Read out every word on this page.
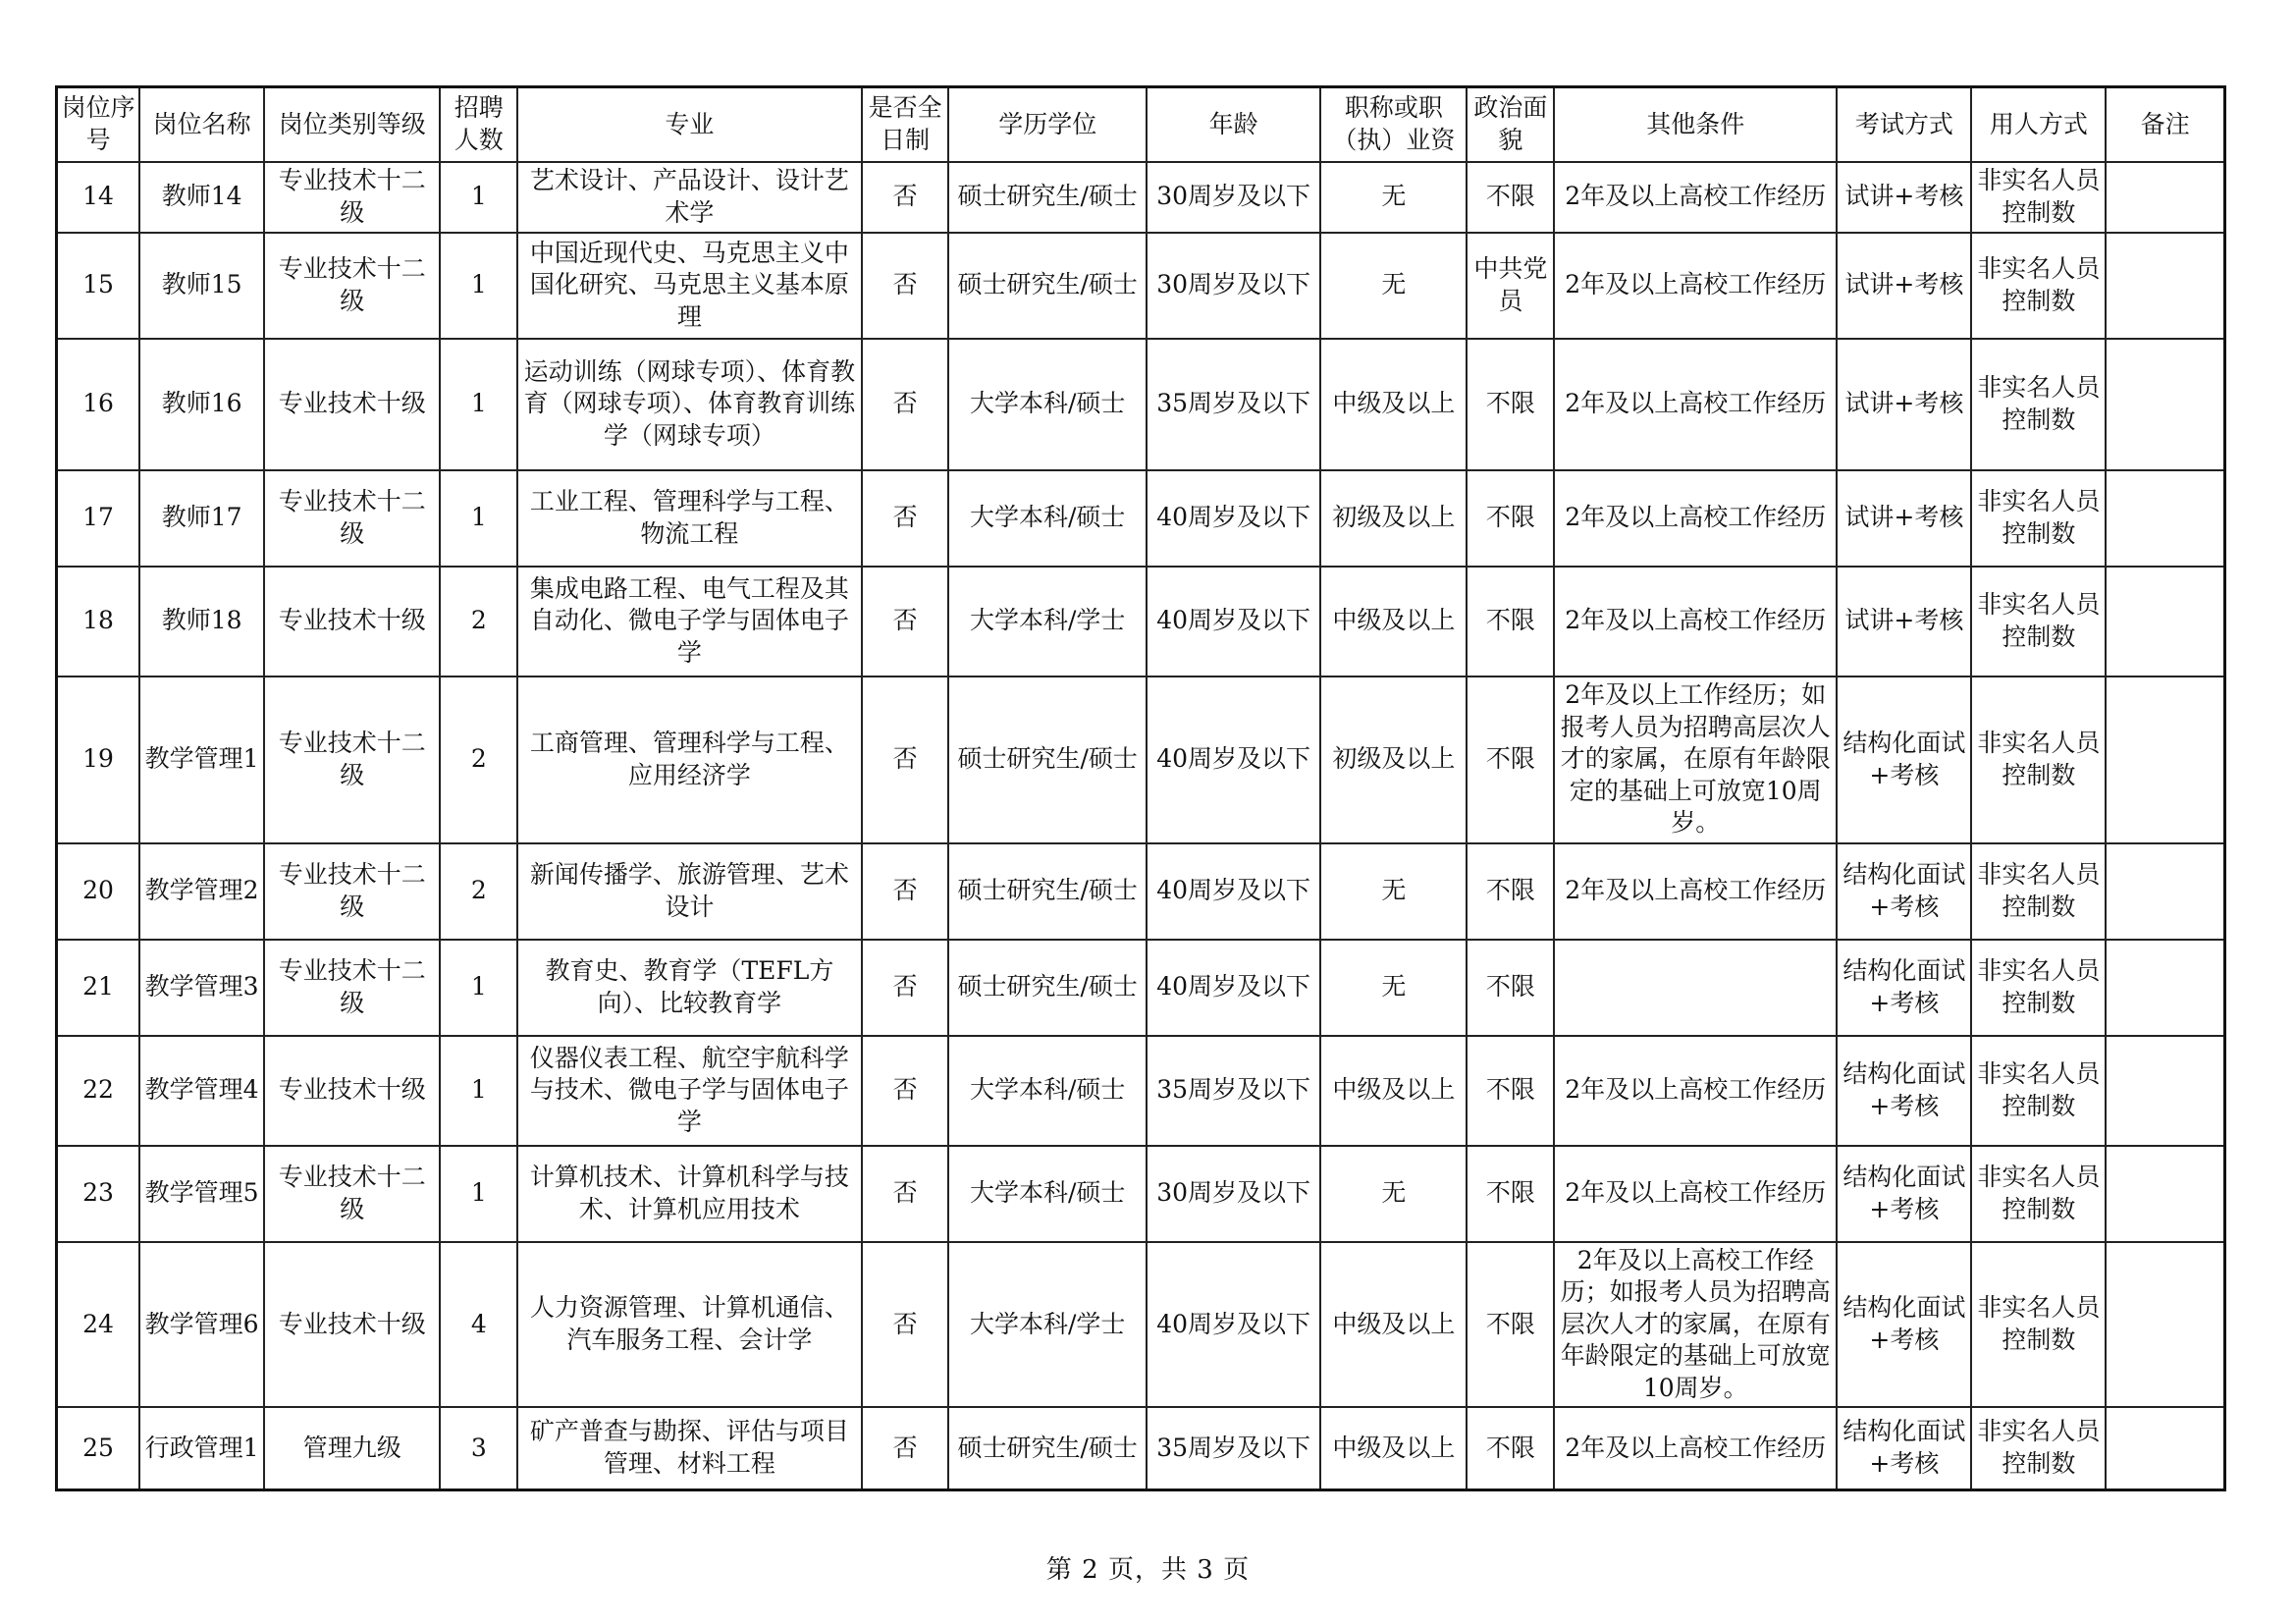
岗位序号	岗位名称	岗位类别等级	招聘人数	专业	是否全日制	学历学位	年龄	职称或职（执）业资	政治面貌	其他条件	考试方式	用人方式	备注
14	教师14	专业技术十二级	1	艺术设计、产品设计、设计艺术学	否	硕士研究生/硕士	30周岁及以下	无	不限	2年及以上高校工作经历	试讲+考核	非实名人员控制数	
15	教师15	专业技术十二级	1	中国近现代史、马克思主义中国化研究、马克思主义基本原理	否	硕士研究生/硕士	30周岁及以下	无	中共党员	2年及以上高校工作经历	试讲+考核	非实名人员控制数	
16	教师16	专业技术十级	1	运动训练（网球专项）、体育教育（网球专项）、体育教育训练学（网球专项）	否	大学本科/硕士	35周岁及以下	中级及以上	不限	2年及以上高校工作经历	试讲+考核	非实名人员控制数	
17	教师17	专业技术十二级	1	工业工程、管理科学与工程、物流工程	否	大学本科/硕士	40周岁及以下	初级及以上	不限	2年及以上高校工作经历	试讲+考核	非实名人员控制数	
18	教师18	专业技术十级	2	集成电路工程、电气工程及其自动化、微电子学与固体电子学	否	大学本科/学士	40周岁及以下	中级及以上	不限	2年及以上高校工作经历	试讲+考核	非实名人员控制数	
19	教学管理1	专业技术十二级	2	工商管理、管理科学与工程、应用经济学	否	硕士研究生/硕士	40周岁及以下	初级及以上	不限	2年及以上工作经历；如报考人员为招聘高层次人才的家属，在原有年龄限定的基础上可放宽10周岁。	结构化面试+考核	非实名人员控制数	
20	教学管理2	专业技术十二级	2	新闻传播学、旅游管理、艺术设计	否	硕士研究生/硕士	40周岁及以下	无	不限	2年及以上高校工作经历	结构化面试+考核	非实名人员控制数	
21	教学管理3	专业技术十二级	1	教育史、教育学（TEFL方向）、比较教育学	否	硕士研究生/硕士	40周岁及以下	无	不限		结构化面试+考核	非实名人员控制数	
22	教学管理4	专业技术十级	1	仪器仪表工程、航空宇航科学与技术、微电子学与固体电子学	否	大学本科/硕士	35周岁及以下	中级及以上	不限	2年及以上高校工作经历	结构化面试+考核	非实名人员控制数	
23	教学管理5	专业技术十二级	1	计算机技术、计算机科学与技术、计算机应用技术	否	大学本科/硕士	30周岁及以下	无	不限	2年及以上高校工作经历	结构化面试+考核	非实名人员控制数	
24	教学管理6	专业技术十级	4	人力资源管理、计算机通信、汽车服务工程、会计学	否	大学本科/学士	40周岁及以下	中级及以上	不限	2年及以上高校工作经历；如报考人员为招聘高层次人才的家属，在原有年龄限定的基础上可放宽10周岁。	结构化面试+考核	非实名人员控制数	
25	行政管理1	管理九级	3	矿产普查与勘探、评估与项目管理、材料工程	否	硕士研究生/硕士	35周岁及以下	中级及以上	不限	2年及以上高校工作经历	结构化面试+考核	非实名人员控制数	
第 2 页，共 3 页
